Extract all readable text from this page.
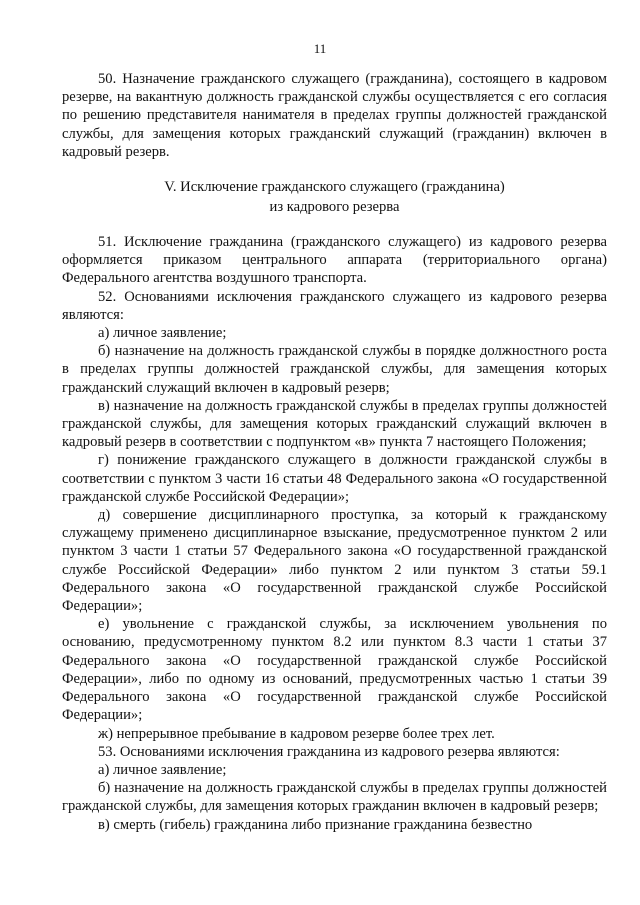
11

50. Назначение гражданского служащего (гражданина), состоящего в кадровом резерве, на вакантную должность гражданской службы осуществляется с его согласия по решению представителя нанимателя в пределах группы должностей гражданской службы, для замещения которых гражданский служащий (гражданин) включен в кадровый резерв.

V. Исключение гражданского служащего (гражданина)
из кадрового резерва

51. Исключение гражданина (гражданского служащего) из кадрового резерва оформляется приказом центрального аппарата (территориального органа) Федерального агентства воздушного транспорта.

52. Основаниями исключения гражданского служащего из кадрового резерва являются:

а) личное заявление;

б) назначение на должность гражданской службы в порядке должностного роста в пределах группы должностей гражданской службы, для замещения которых гражданский служащий включен в кадровый резерв;

в) назначение на должность гражданской службы в пределах группы должностей гражданской службы, для замещения которых гражданский служащий включен в кадровый резерв в соответствии с подпунктом «в» пункта 7 настоящего Положения;

г) понижение гражданского служащего в должности гражданской службы в соответствии с пунктом 3 части 16 статьи 48 Федерального закона «О государственной гражданской службе Российской Федерации»;

д) совершение дисциплинарного проступка, за который к гражданскому служащему применено дисциплинарное взыскание, предусмотренное пунктом 2 или пунктом 3 части 1 статьи 57 Федерального закона «О государственной гражданской службе Российской Федерации» либо пунктом 2 или пунктом 3 статьи 59.1 Федерального закона «О государственной гражданской службе Российской Федерации»;

е) увольнение с гражданской службы, за исключением увольнения по основанию, предусмотренному пунктом 8.2 или пунктом 8.3 части 1 статьи 37 Федерального закона «О государственной гражданской службе Российской Федерации», либо по одному из оснований, предусмотренных частью 1 статьи 39 Федерального закона «О государственной гражданской службе Российской Федерации»;

ж) непрерывное пребывание в кадровом резерве более трех лет.

53. Основаниями исключения гражданина из кадрового резерва являются:

а) личное заявление;

б) назначение на должность гражданской службы в пределах группы должностей гражданской службы, для замещения которых гражданин включен в кадровый резерв;

в) смерть (гибель) гражданина либо признание гражданина безвестно
